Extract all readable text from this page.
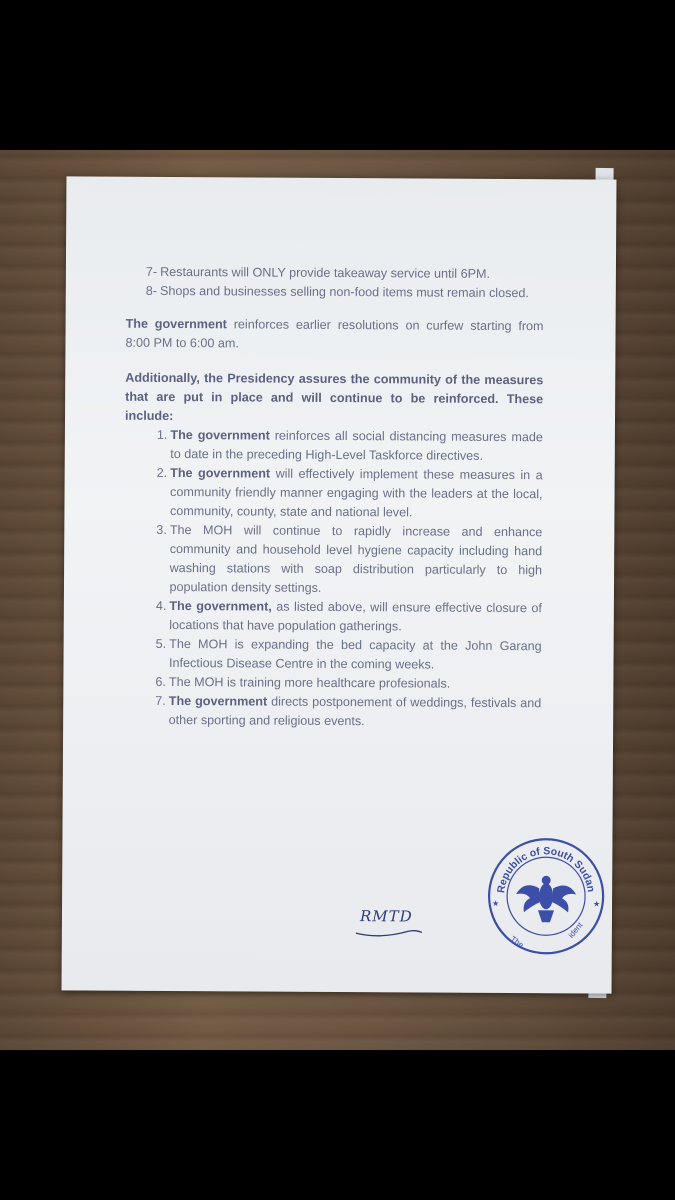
7- Restaurants will ONLY provide takeaway service until 6PM.
8- Shops and businesses selling non-food items must remain closed.

The government reinforces earlier resolutions on curfew starting from 8:00 PM to 6:00 am.

Additionally, the Presidency assures the community of the measures that are put in place and will continue to be reinforced. These include:

1. The government reinforces all social distancing measures made to date in the preceding High-Level Taskforce directives.
2. The government will effectively implement these measures in a community friendly manner engaging with the leaders at the local, community, county, state and national level.
3. The MOH will continue to rapidly increase and enhance community and household level hygiene capacity including hand washing stations with soap distribution particularly to high population density settings.
4. The government, as listed above, will ensure effective closure of locations that have population gatherings.
5. The MOH is expanding the bed capacity at the John Garang Infectious Disease Centre in the coming weeks.
6. The MOH is training more healthcare profesionals.
7. The government directs postponement of weddings, festivals and other sporting and religious events.
RMTD
Republic of South Sudan
The
ident
★	★
